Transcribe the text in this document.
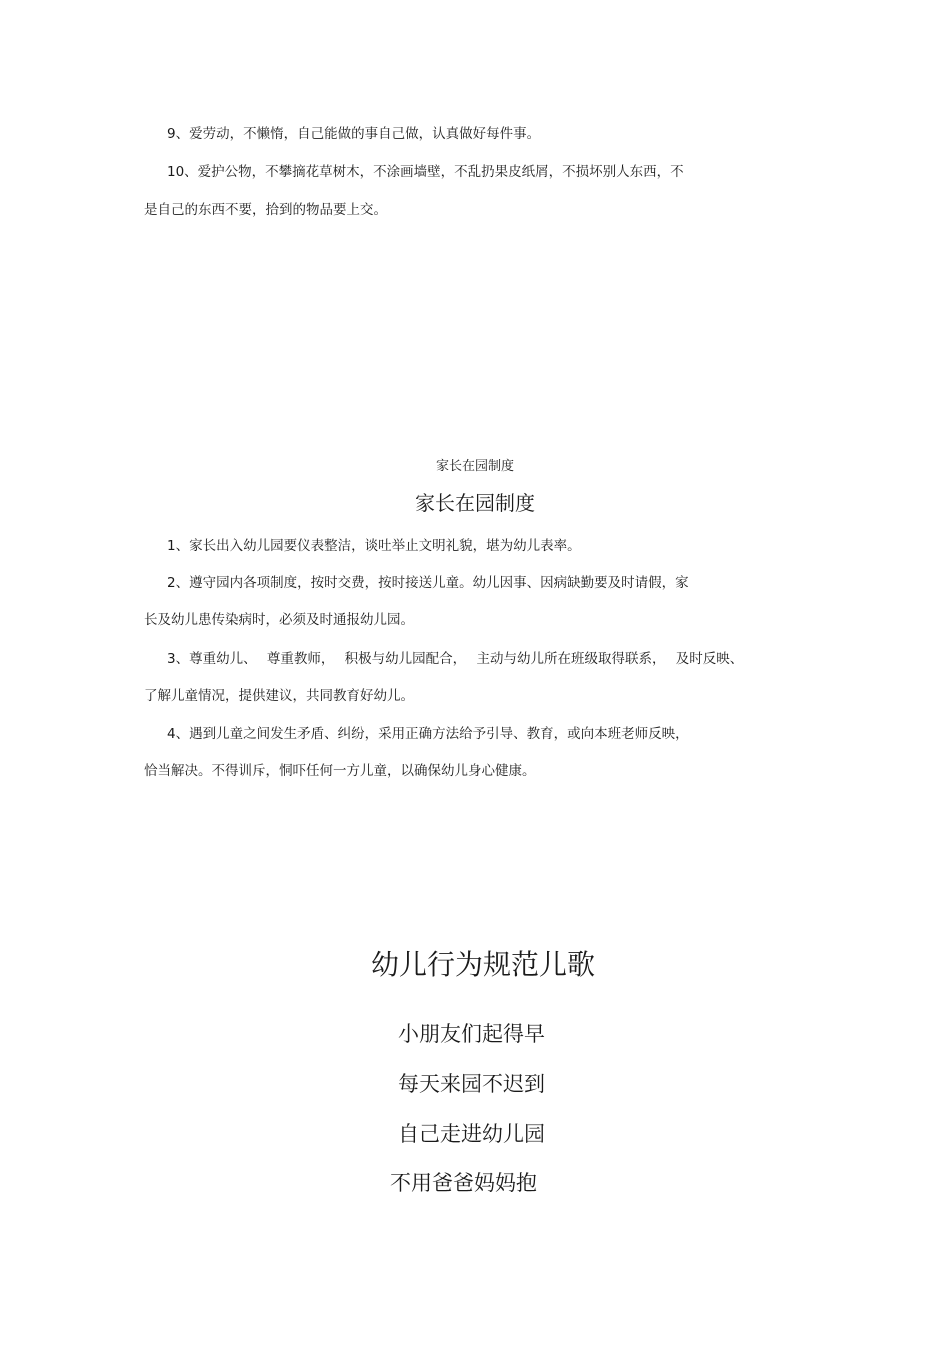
9、爱劳动，不懒惰，自己能做的事自己做，认真做好每件事。
10、爱护公物，不攀摘花草树木，不涂画墙壁，不乱扔果皮纸屑，不损坏别人东西，不
是自己的东西不要，拾到的物品要上交。
家长在园制度
家长在园制度
1、家长出入幼儿园要仪表整洁，谈吐举止文明礼貌，堪为幼儿表率。
2、遵守园内各项制度，按时交费，按时接送儿童。幼儿因事、因病缺勤要及时请假，家
长及幼儿患传染病时，必须及时通报幼儿园。
3、尊重幼儿、 尊重教师， 积极与幼儿园配合， 主动与幼儿所在班级取得联系， 及时反映、
了解儿童情况，提供建议，共同教育好幼儿。
4、遇到儿童之间发生矛盾、纠纷，采用正确方法给予引导、教育，或向本班老师反映，
恰当解决。不得训斥，恫吓任何一方儿童，以确保幼儿身心健康。
幼儿行为规范儿歌
小朋友们起得早
每天来园不迟到
自己走进幼儿园
不用爸爸妈妈抱
